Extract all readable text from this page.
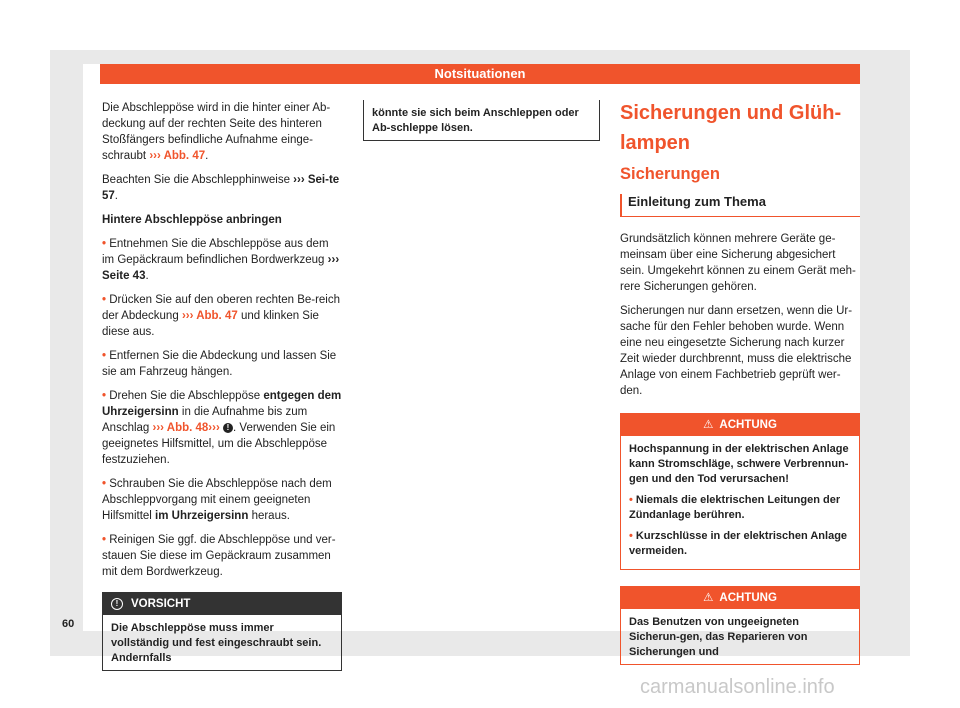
Notsituationen

Die Abschleppöse wird in die hinter einer Ab-deckung auf der rechten Seite des hinteren Stoßfängers befindliche Aufnahme einge-schraubt ››› Abb. 47.

Beachten Sie die Abschlepphinweise ››› Sei-te 57.

Hintere Abschleppöse anbringen

• Entnehmen Sie die Abschleppöse aus dem im Gepäckraum befindlichen Bordwerkzeug ››› Seite 43.

• Drücken Sie auf den oberen rechten Be-reich der Abdeckung ››› Abb. 47 und klinken Sie diese aus.

• Entfernen Sie die Abdeckung und lassen Sie sie am Fahrzeug hängen.

• Drehen Sie die Abschleppöse entgegen dem Uhrzeigersinn in die Aufnahme bis zum Anschlag ››› Abb. 48››› ! . Verwenden Sie ein geeignetes Hilfsmittel, um die Abschleppöse festzuziehen.

• Schrauben Sie die Abschleppöse nach dem Abschleppvorgang mit einem geeigneten Hilfsmittel im Uhrzeigersinn heraus.

• Reinigen Sie ggf. die Abschleppöse und ver-stauen Sie diese im Gepäckraum zusammen mit dem Bordwerkzeug.

! VORSICHT
Die Abschleppöse muss immer vollständig und fest eingeschraubt sein. Andernfalls
könnte sie sich beim Anschleppen oder Ab-schleppe lösen.
Sicherungen und Glüh-
lampen
Sicherungen
Einleitung zum Thema

Grundsätzlich können mehrere Geräte ge-meinsam über eine Sicherung abgesichert sein. Umgekehrt können zu einem Gerät meh-rere Sicherungen gehören.

Sicherungen nur dann ersetzen, wenn die Ur-sache für den Fehler behoben wurde. Wenn eine neu eingesetzte Sicherung nach kurzer Zeit wieder durchbrennt, muss die elektrische Anlage von einem Fachbetrieb geprüft wer-den.

⚠ ACHTUNG

Hochspannung in der elektrischen Anlage kann Stromschläge, schwere Verbrennun-gen und den Tod verursachen!

• Niemals die elektrischen Leitungen der Zündanlage berühren.

• Kurzschlüsse in der elektrischen Anlage vermeiden.

⚠ ACHTUNG
Das Benutzen von ungeeigneten Sicherun-gen, das Reparieren von Sicherungen und
60
carmanualsonline.info
